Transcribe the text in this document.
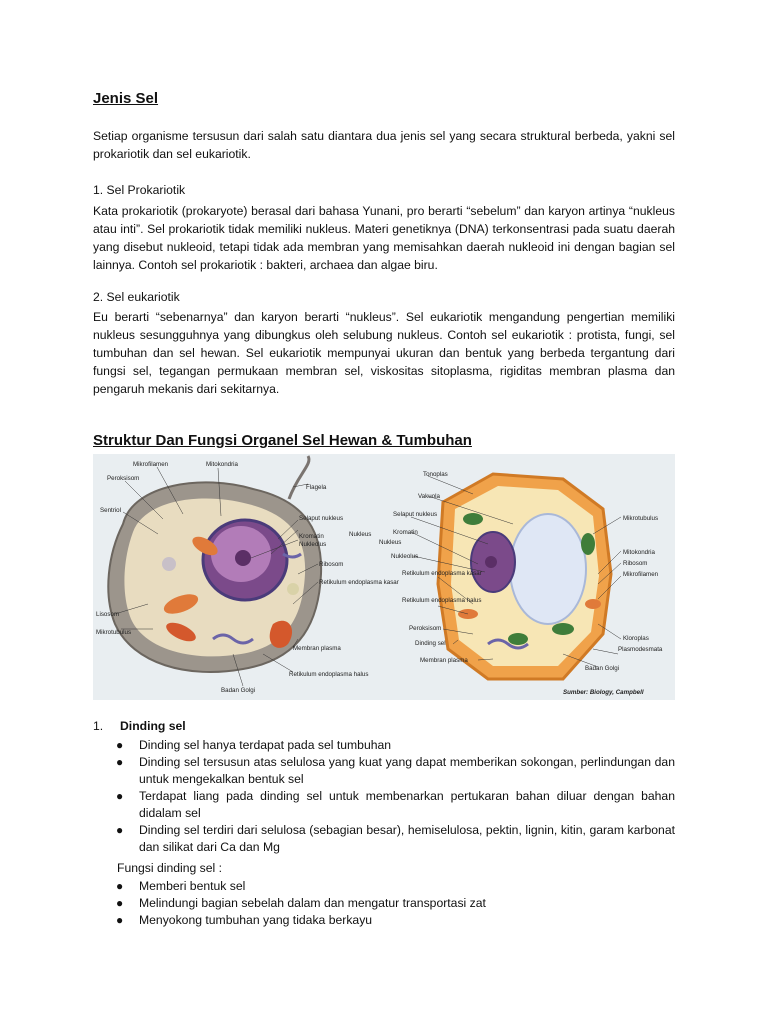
Jenis Sel
Setiap organisme tersusun dari salah satu diantara dua jenis sel yang secara struktural berbeda, yakni sel prokariotik dan sel eukariotik.
1. Sel Prokariotik
Kata prokariotik (prokaryote) berasal dari bahasa Yunani, pro berarti “sebelum” dan karyon artinya “nukleus atau inti”. Sel prokariotik tidak memiliki nukleus. Materi genetiknya (DNA) terkonsentrasi pada suatu daerah yang disebut nukleoid, tetapi tidak ada membran yang memisahkan daerah nukleoid ini dengan bagian sel lainnya. Contoh sel prokariotik : bakteri, archaea dan algae biru.
2. Sel eukariotik
Eu berarti “sebenarnya” dan karyon berarti “nukleus”. Sel eukariotik mengandung pengertian memiliki nukleus sesungguhnya yang dibungkus oleh selubung nukleus. Contoh sel eukariotik : protista, fungi, sel tumbuhan dan sel hewan. Sel eukariotik mempunyai ukuran dan bentuk yang berbeda tergantung dari fungsi sel, tegangan permukaan membran sel, viskositas sitoplasma, rigiditas membran plasma dan pengaruh mekanis dari sekitarnya.
Struktur Dan Fungsi Organel Sel Hewan & Tumbuhan
Mikrofilamen	Mitokondria
Peroksisom
Flagela
Sentriol
Selaput nukleus
Kromatin
Nukleolus
Nukleus
Ribosom
Retikulum endoplasma kasar
Lisosom
Mikrotubulus
Membran plasma
Retikulum endoplasma halus
Badan Golgi
Tonoplas
Vakuola
Selaput nukleus
Kromatin
Nukleus
Nukleolus
Retikulum endoplasma kasar
Retikulum endoplasma halus
Peroksisom
Dinding sel
Membran plasma
Mikrotubulus
Mitokondria
Ribosom
Mikrofilamen
Kloroplas
Plasmodesmata
Badan Golgi
Sumber: Biology, Campbell
1. Dinding sel
● Dinding sel hanya terdapat pada sel tumbuhan
● Dinding sel tersusun atas selulosa yang kuat yang dapat memberikan sokongan, perlindungan dan untuk mengekalkan bentuk sel
● Terdapat liang pada dinding sel untuk membenarkan pertukaran bahan diluar dengan bahan didalam sel
● Dinding sel terdiri dari selulosa (sebagian besar), hemiselulosa, pektin, lignin, kitin, garam karbonat dan silikat dari Ca dan Mg
Fungsi dinding sel :
● Memberi bentuk sel
● Melindungi bagian sebelah dalam dan mengatur transportasi zat
● Menyokong tumbuhan yang tidaka berkayu
